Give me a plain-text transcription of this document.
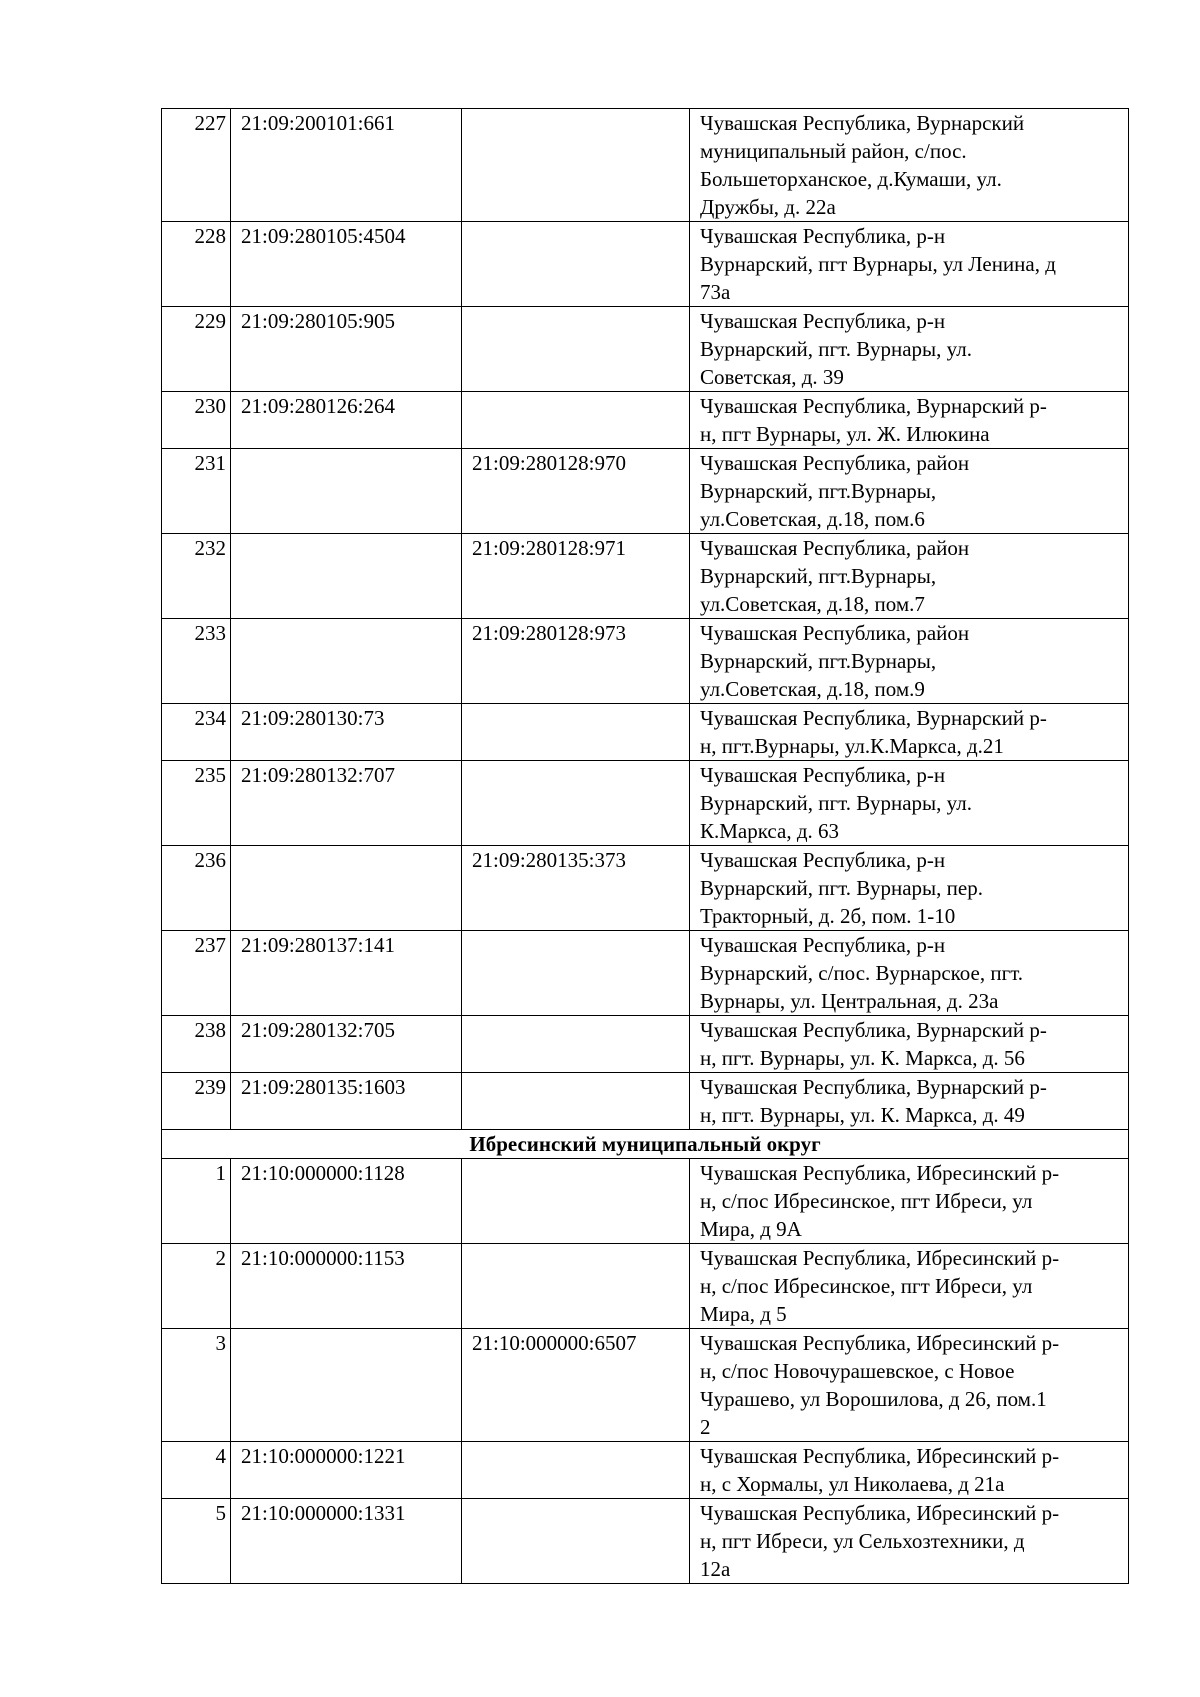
227	21:09:200101:661		Чувашская Республика, Вурнарский
муниципальный район, с/пос.
Большеторханское, д.Кумаши, ул.
Дружбы, д. 22а
228	21:09:280105:4504		Чувашская Республика, р-н
Вурнарский, пгт Вурнары, ул Ленина, д
73а
229	21:09:280105:905		Чувашская Республика, р-н
Вурнарский, пгт. Вурнары, ул.
Советская, д. 39
230	21:09:280126:264		Чувашская Республика, Вурнарский р-
н, пгт Вурнары, ул. Ж. Илюкина
231		21:09:280128:970	Чувашская Республика, район
Вурнарский, пгт.Вурнары,
ул.Советская, д.18, пом.6
232		21:09:280128:971	Чувашская Республика, район
Вурнарский, пгт.Вурнары,
ул.Советская, д.18, пом.7
233		21:09:280128:973	Чувашская Республика, район
Вурнарский, пгт.Вурнары,
ул.Советская, д.18, пом.9
234	21:09:280130:73		Чувашская Республика, Вурнарский р-
н, пгт.Вурнары, ул.К.Маркса, д.21
235	21:09:280132:707		Чувашская Республика, р-н
Вурнарский, пгт. Вурнары, ул.
К.Маркса, д. 63
236		21:09:280135:373	Чувашская Республика, р-н
Вурнарский, пгт. Вурнары, пер.
Тракторный, д. 2б, пом. 1-10
237	21:09:280137:141		Чувашская Республика, р-н
Вурнарский, с/пос. Вурнарское, пгт.
Вурнары, ул. Центральная, д. 23а
238	21:09:280132:705		Чувашская Республика, Вурнарский р-
н, пгт. Вурнары, ул. К. Маркса, д. 56
239	21:09:280135:1603		Чувашская Республика, Вурнарский р-
н, пгт. Вурнары, ул. К. Маркса, д. 49
Ибресинский муниципальный округ			
1	21:10:000000:1128		Чувашская Республика, Ибресинский р-
н, с/пос Ибресинское, пгт Ибреси, ул
Мира, д 9А
2	21:10:000000:1153		Чувашская Республика, Ибресинский р-
н, с/пос Ибресинское, пгт Ибреси, ул
Мира, д 5
3		21:10:000000:6507	Чувашская Республика, Ибресинский р-
н, с/пос Новочурашевское, с Новое
Чурашево, ул Ворошилова, д 26, пом.1
2
4	21:10:000000:1221		Чувашская Республика, Ибресинский р-
н, с Хормалы, ул Николаева, д 21а
5	21:10:000000:1331		Чувашская Республика, Ибресинский р-
н, пгт Ибреси, ул Сельхозтехники, д
12а
